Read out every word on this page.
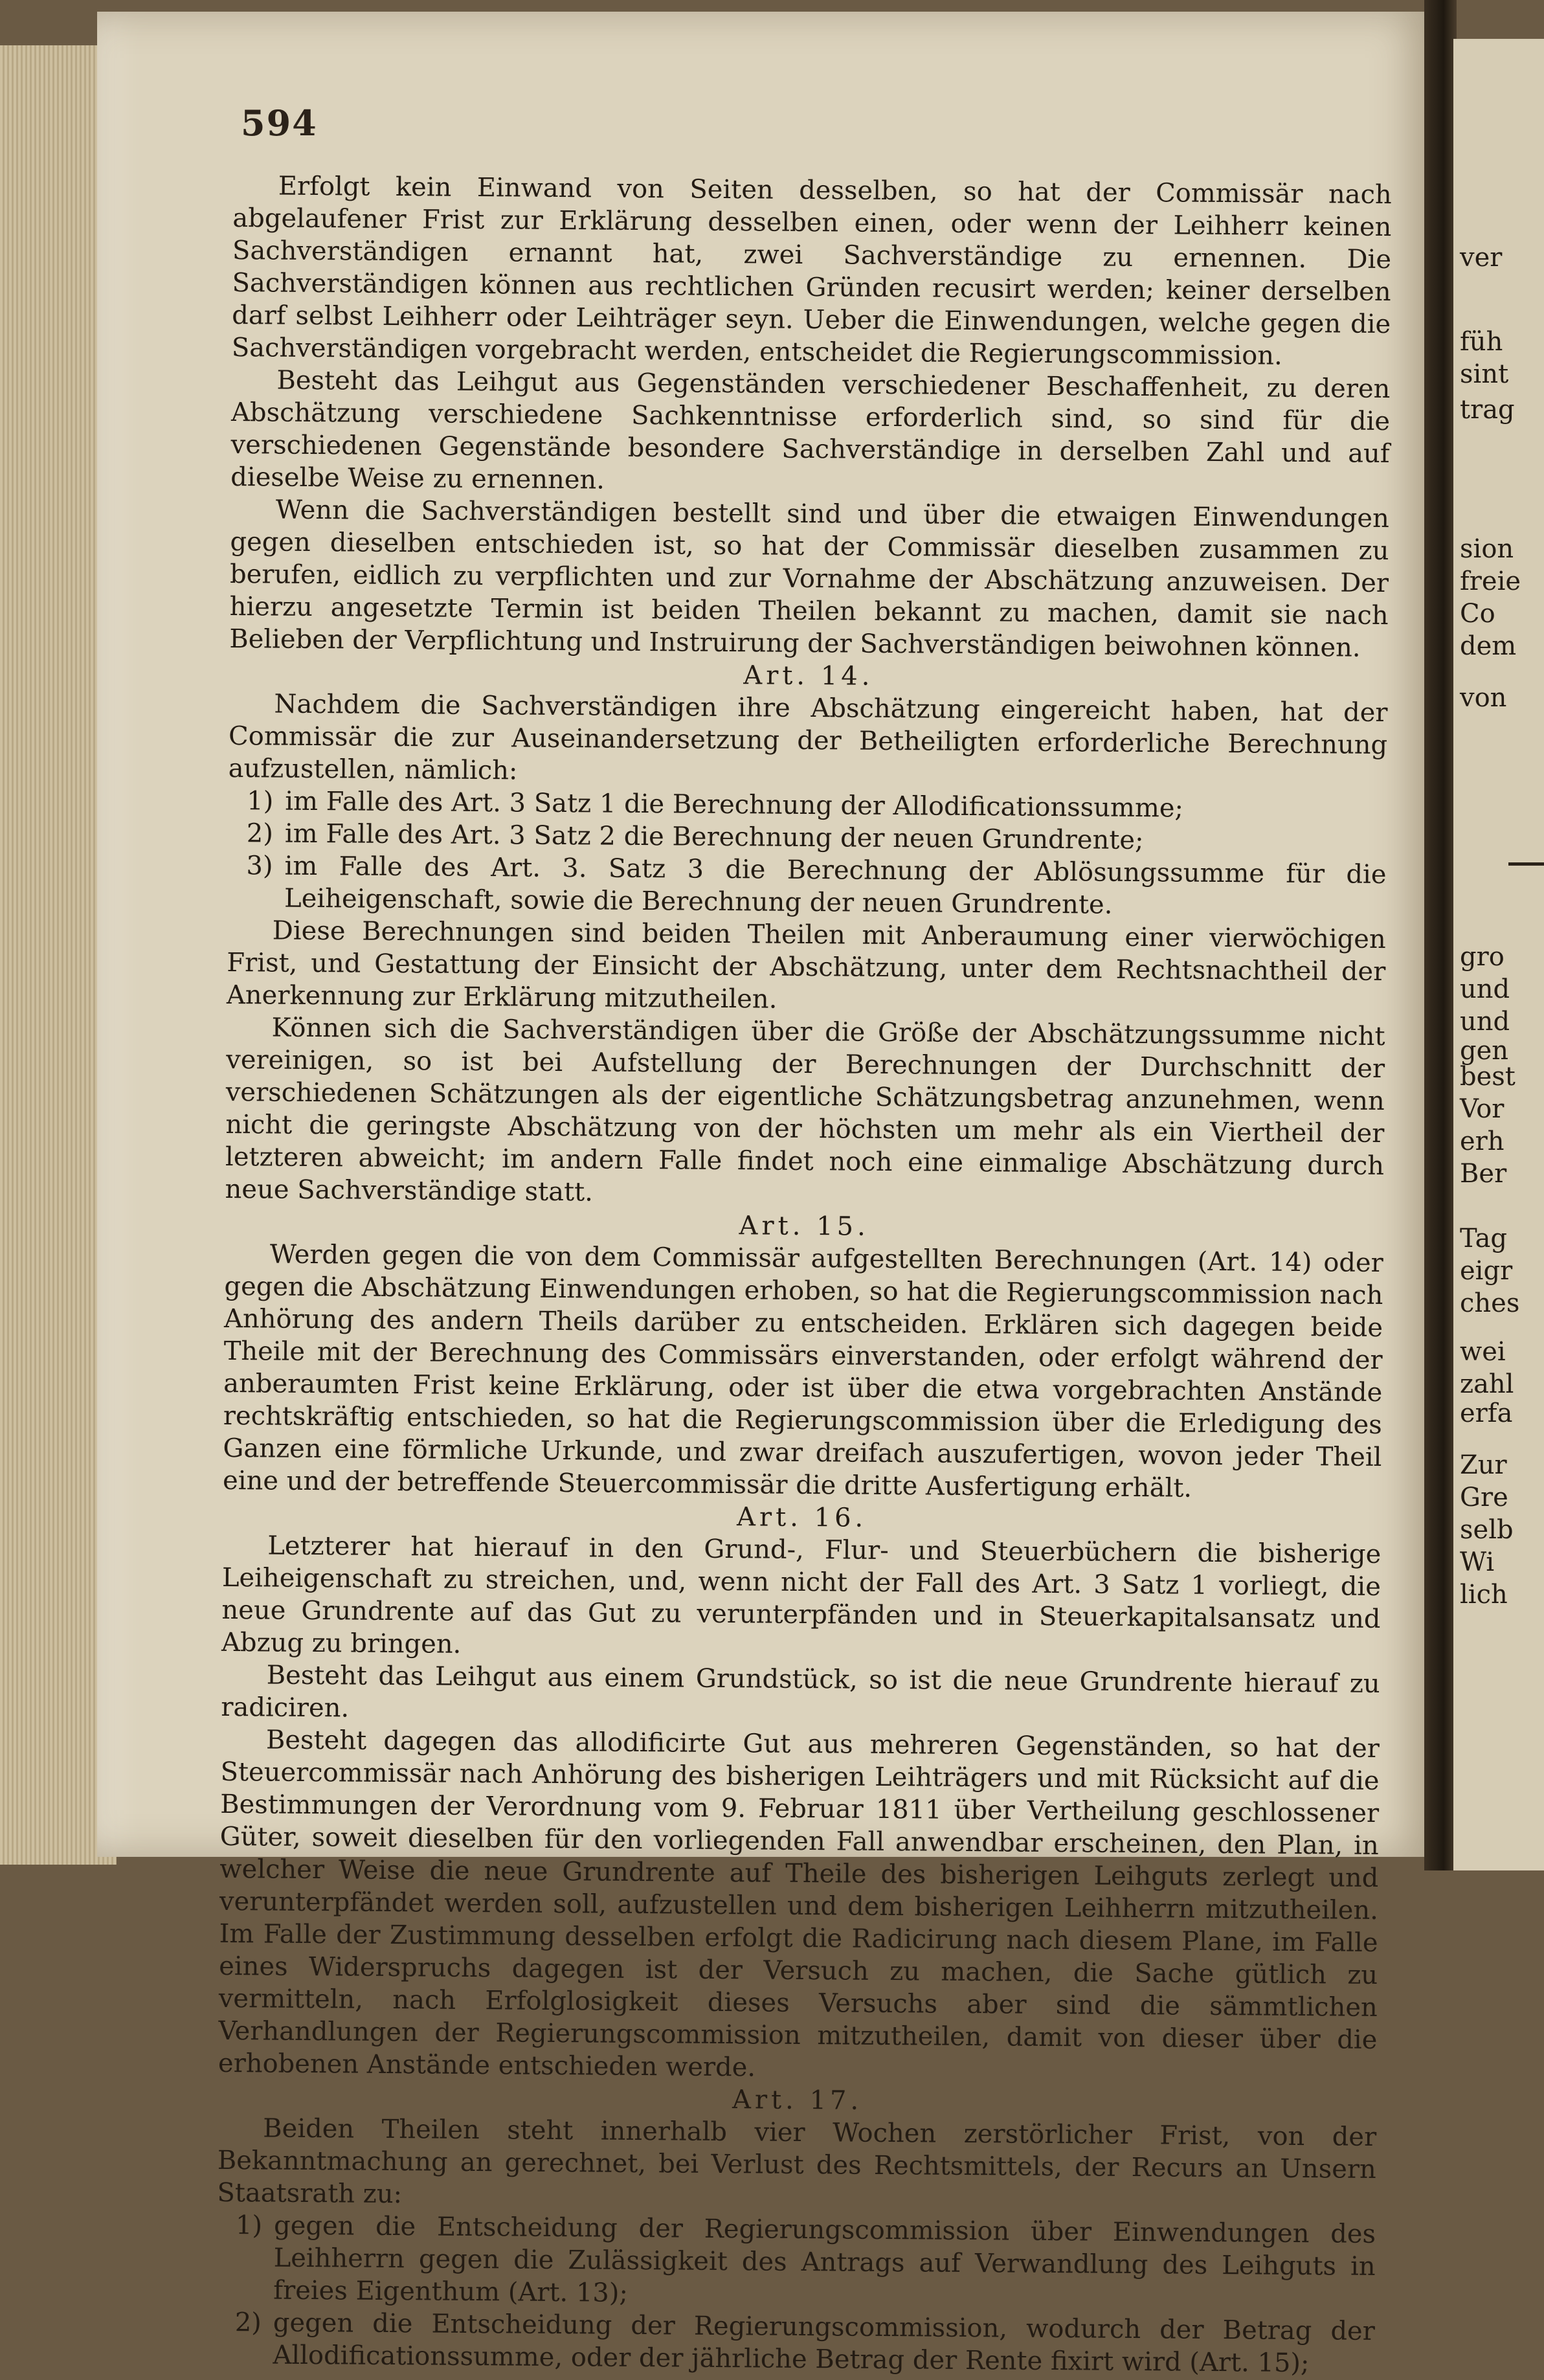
ver
füh
sint
trag
sion
freie
Co
dem
von
gro
und
und
gen
best
Vor
erh
Ber
Tag
eigr
ches
wei
zahl
erfa
Zur
Gre
selb
Wi
lich
594

Erfolgt kein Einwand von Seiten desselben, so hat der Commissär nach abgelaufener Frist zur Erklärung desselben einen, oder wenn der Leihherr keinen Sachverständigen ernannt hat, zwei Sachverständige zu ernennen. Die Sachverständigen können aus rechtlichen Gründen recusirt werden; keiner derselben darf selbst Leihherr oder Leihträger seyn. Ueber die Einwendungen, welche gegen die Sachverständigen vorgebracht werden, entscheidet die Regierungscommission.

Besteht das Leihgut aus Gegenständen verschiedener Beschaffenheit, zu deren Abschätzung verschiedene Sachkenntnisse erforderlich sind, so sind für die verschiedenen Gegenstände besondere Sachverständige in derselben Zahl und auf dieselbe Weise zu ernennen.

Wenn die Sachverständigen bestellt sind und über die etwaigen Einwendungen gegen dieselben entschieden ist, so hat der Commissär dieselben zusammen zu berufen, eidlich zu verpflichten und zur Vornahme der Abschätzung anzuweisen. Der hierzu angesetzte Termin ist beiden Theilen bekannt zu machen, damit sie nach Belieben der Verpflichtung und Instruirung der Sachverständigen beiwohnen können.

Art. 14.

Nachdem die Sachverständigen ihre Abschätzung eingereicht haben, hat der Commissär die zur Auseinandersetzung der Betheiligten erforderliche Berechnung aufzustellen, nämlich:

1) im Falle des Art. 3 Satz 1 die Berechnung der Allodificationssumme;
2) im Falle des Art. 3 Satz 2 die Berechnung der neuen Grundrente;
3) im Falle des Art. 3. Satz 3 die Berechnung der Ablösungssumme für die Leiheigenschaft, sowie die Berechnung der neuen Grundrente.

Diese Berechnungen sind beiden Theilen mit Anberaumung einer vierwöchigen Frist, und Gestattung der Einsicht der Abschätzung, unter dem Rechtsnachtheil der Anerkennung zur Erklärung mitzutheilen.

Können sich die Sachverständigen über die Größe der Abschätzungssumme nicht vereinigen, so ist bei Aufstellung der Berechnungen der Durchschnitt der verschiedenen Schätzungen als der eigentliche Schätzungsbetrag anzunehmen, wenn nicht die geringste Abschätzung von der höchsten um mehr als ein Viertheil der letzteren abweicht; im andern Falle findet noch eine einmalige Abschätzung durch neue Sachverständige statt.

Art. 15.

Werden gegen die von dem Commissär aufgestellten Berechnungen (Art. 14) oder gegen die Abschätzung Einwendungen erhoben, so hat die Regierungscommission nach Anhörung des andern Theils darüber zu entscheiden. Erklären sich dagegen beide Theile mit der Berechnung des Commissärs einverstanden, oder erfolgt während der anberaumten Frist keine Erklärung, oder ist über die etwa vorgebrachten Anstände rechtskräftig entschieden, so hat die Regierungscommission über die Erledigung des Ganzen eine förmliche Urkunde, und zwar dreifach auszufertigen, wovon jeder Theil eine und der betreffende Steuercommissär die dritte Ausfertigung erhält.

Art. 16.

Letzterer hat hierauf in den Grund-, Flur- und Steuerbüchern die bisherige Leiheigenschaft zu streichen, und, wenn nicht der Fall des Art. 3 Satz 1 vorliegt, die neue Grundrente auf das Gut zu verunterpfänden und in Steuerkapitalsansatz und Abzug zu bringen.

Besteht das Leihgut aus einem Grundstück, so ist die neue Grundrente hierauf zu radiciren.

Besteht dagegen das allodificirte Gut aus mehreren Gegenständen, so hat der Steuercommissär nach Anhörung des bisherigen Leihträgers und mit Rücksicht auf die Bestimmungen der Verordnung vom 9. Februar 1811 über Vertheilung geschlossener Güter, soweit dieselben für den vorliegenden Fall anwendbar erscheinen, den Plan, in welcher Weise die neue Grundrente auf Theile des bisherigen Leihguts zerlegt und verunterpfändet werden soll, aufzustellen und dem bisherigen Leihherrn mitzutheilen. Im Falle der Zustimmung desselben erfolgt die Radicirung nach diesem Plane, im Falle eines Widerspruchs dagegen ist der Versuch zu machen, die Sache gütlich zu vermitteln, nach Erfolglosigkeit dieses Versuchs aber sind die sämmtlichen Verhandlungen der Regierungscommission mitzutheilen, damit von dieser über die erhobenen Anstände entschieden werde.

Art. 17.

Beiden Theilen steht innerhalb vier Wochen zerstörlicher Frist, von der Bekanntmachung an gerechnet, bei Verlust des Rechtsmittels, der Recurs an Unsern Staatsrath zu:

1) gegen die Entscheidung der Regierungscommission über Einwendungen des Leihherrn gegen die Zulässigkeit des Antrags auf Verwandlung des Leihguts in freies Eigenthum (Art. 13);
2) gegen die Entscheidung der Regierungscommission, wodurch der Betrag der Allodificationssumme, oder der jährliche Betrag der Rente fixirt wird (Art. 15);
